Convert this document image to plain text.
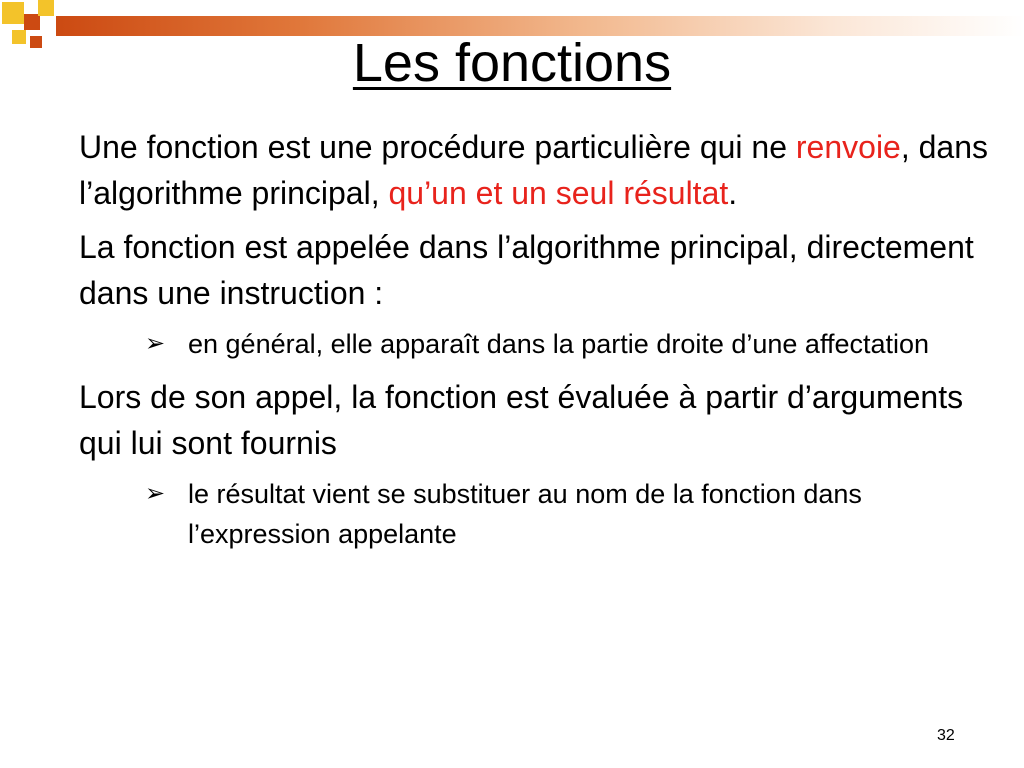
Les fonctions

Une fonction est une procédure particulière qui ne renvoie, dans l’algorithme principal, qu’un et un seul résultat.

La fonction est appelée dans l’algorithme principal, directement dans une instruction :

➢ en général, elle apparaît dans la partie droite d’une affectation

Lors de son appel, la fonction est évaluée à partir d’arguments qui lui sont fournis

➢ le résultat vient se substituer au nom de la fonction dans l’expression appelante

32
